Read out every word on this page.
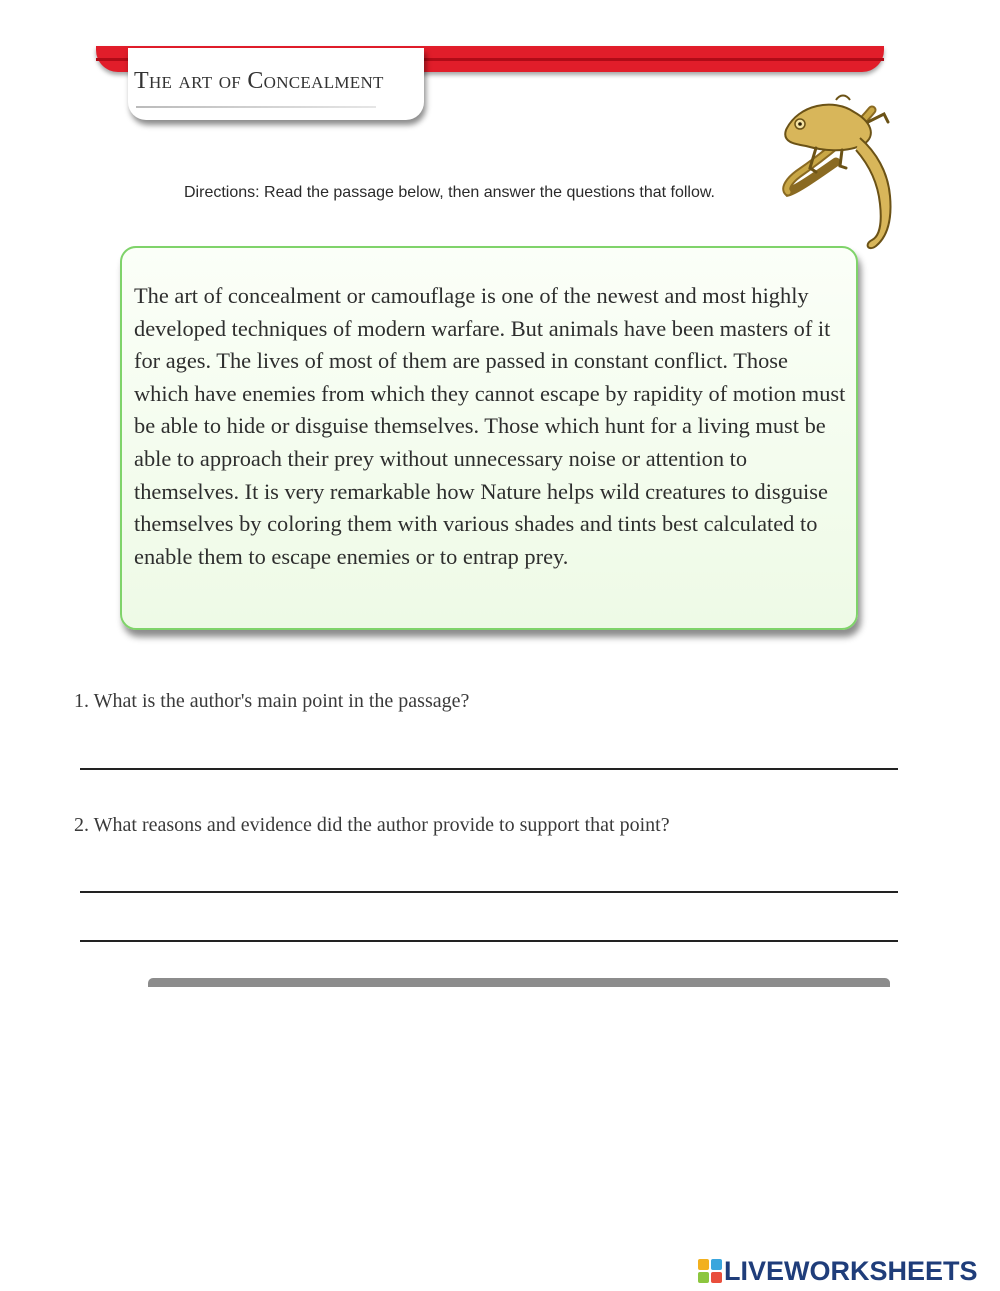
The art of Concealment
Directions: Read the passage below, then answer the questions that follow.

The art of concealment or camouflage is one of the newest and most highly developed techniques of modern warfare. But animals have been masters of it for ages. The lives of most of them are passed in constant conflict. Those which have enemies from which they cannot escape by rapidity of motion must be able to hide or disguise themselves. Those which hunt for a living must be able to approach their prey without unnecessary noise or attention to themselves. It is very remarkable how Nature helps wild creatures to disguise themselves by coloring them with various shades and tints best calculated to enable them to escape enemies or to entrap prey.

1. What is the author's main point in the passage?
2. What reasons and evidence did the author provide to support that point?
LIVEWORKSHEETS
